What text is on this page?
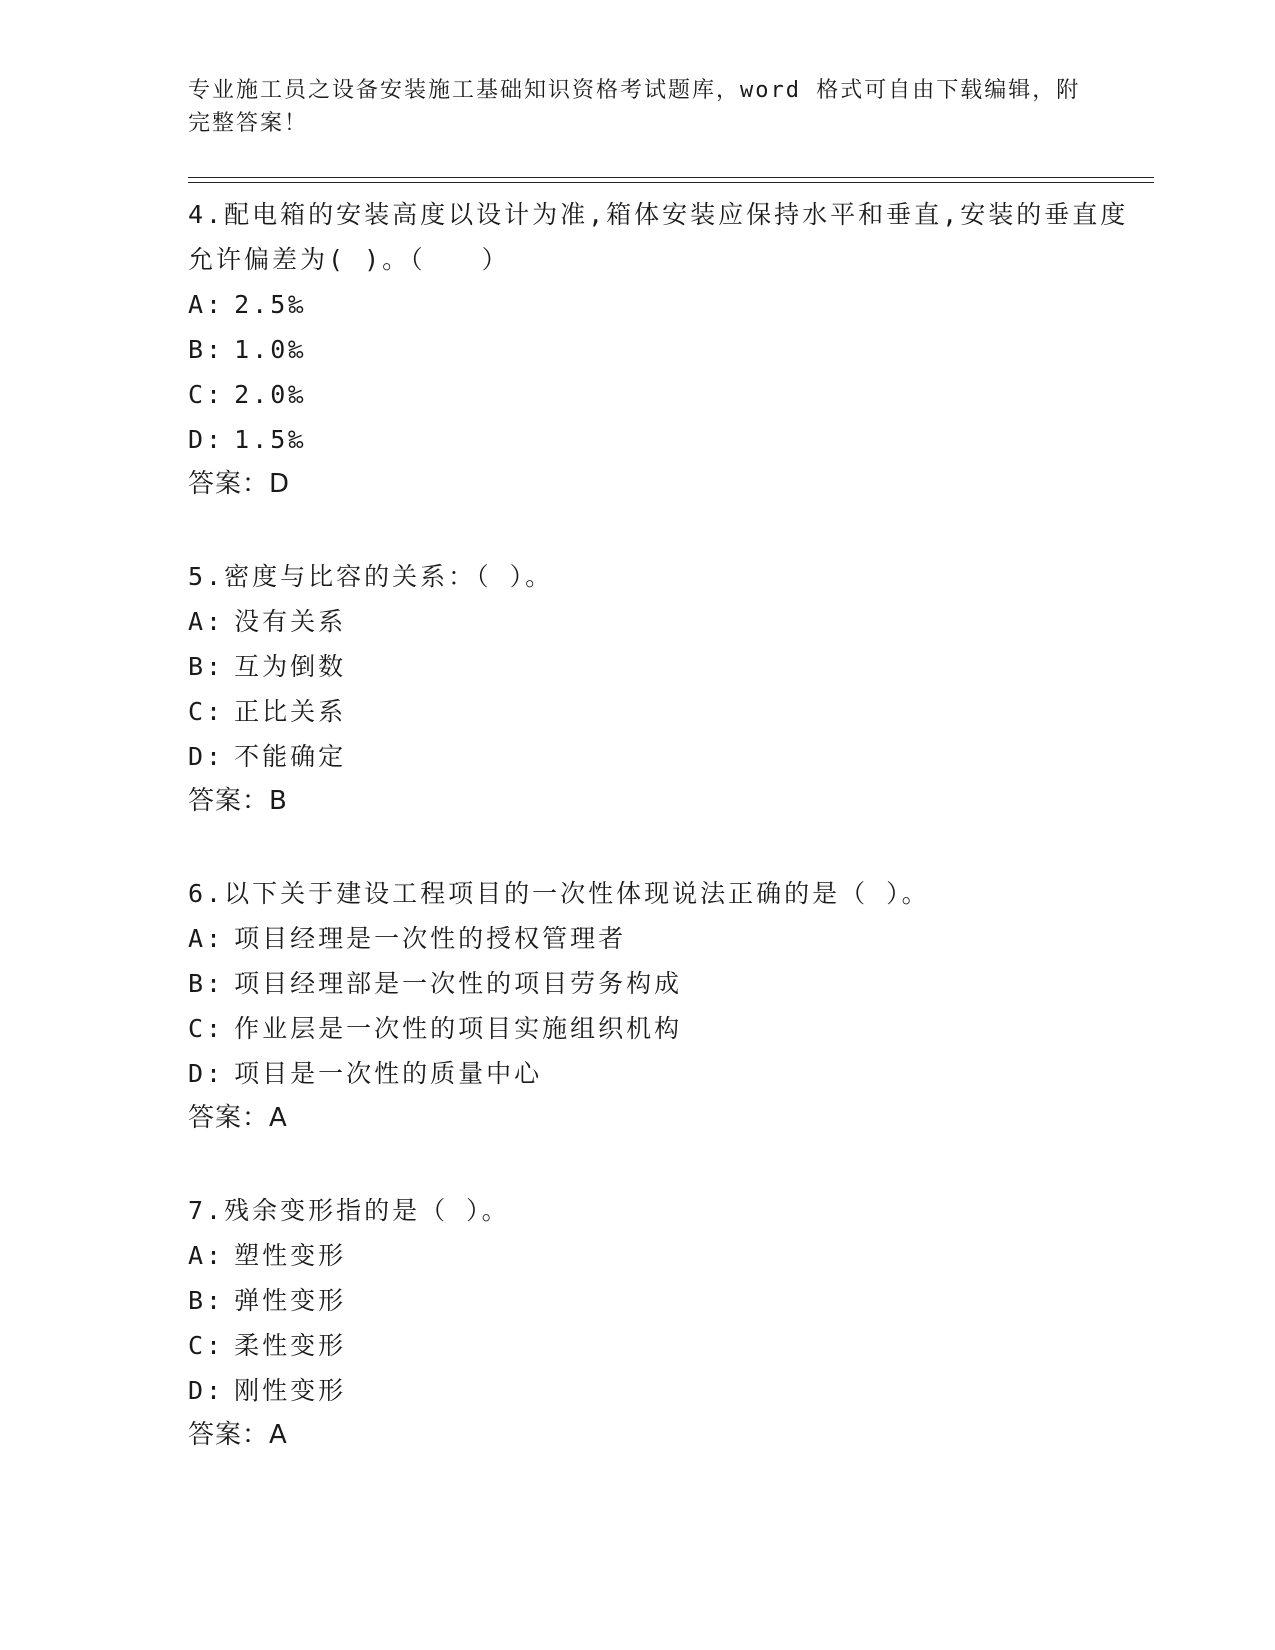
专业施工员之设备安装施工基础知识资格考试题库，word 格式可自由下载编辑，附完整答案！

4.配电箱的安装高度以设计为准,箱体安装应保持水平和垂直,安装的垂直度允许偏差为( )。（　　）

A: 2.5‰
B: 1.0‰
C: 2.0‰
D: 1.5‰
答案：D

5.密度与比容的关系：（ ）。

A: 没有关系
B: 互为倒数
C: 正比关系
D: 不能确定
答案：B

6.以下关于建设工程项目的一次性体现说法正确的是（ ）。

A: 项目经理是一次性的授权管理者
B: 项目经理部是一次性的项目劳务构成
C: 作业层是一次性的项目实施组织机构
D: 项目是一次性的质量中心
答案：A

7.残余变形指的是（ ）。

A: 塑性变形
B: 弹性变形
C: 柔性变形
D: 刚性变形
答案：A
